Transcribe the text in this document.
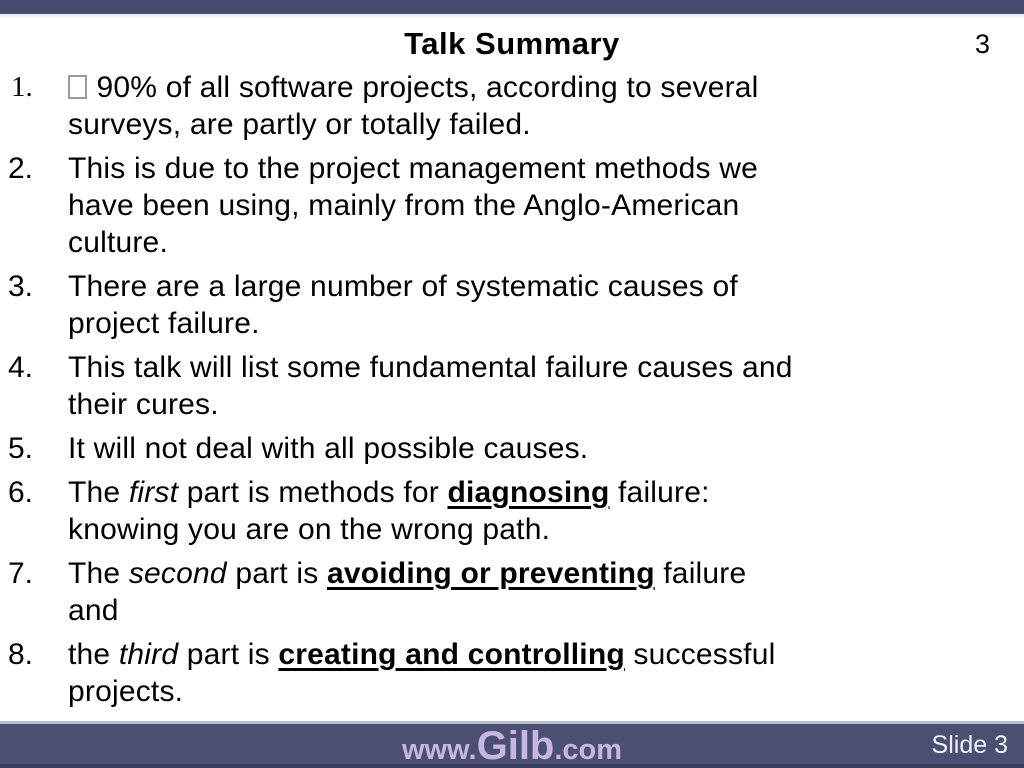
Talk Summary	3
1.	90% of all software projects, according to several
surveys, are partly or totally failed.
2.	This is due to the project management methods we
have been using, mainly from the Anglo-American
culture.
3.	There are a large number of systematic causes of
project failure.
4.	This talk will list some fundamental failure causes and
their cures.
5.	It will not deal with all possible causes.
6.	The first part is methods for diagnosing failure:
knowing you are on the wrong path.
7.	The second part is avoiding or preventing failure
and
8.	the third part is creating and controlling successful
projects.
www.Gilb.com	Slide 3
